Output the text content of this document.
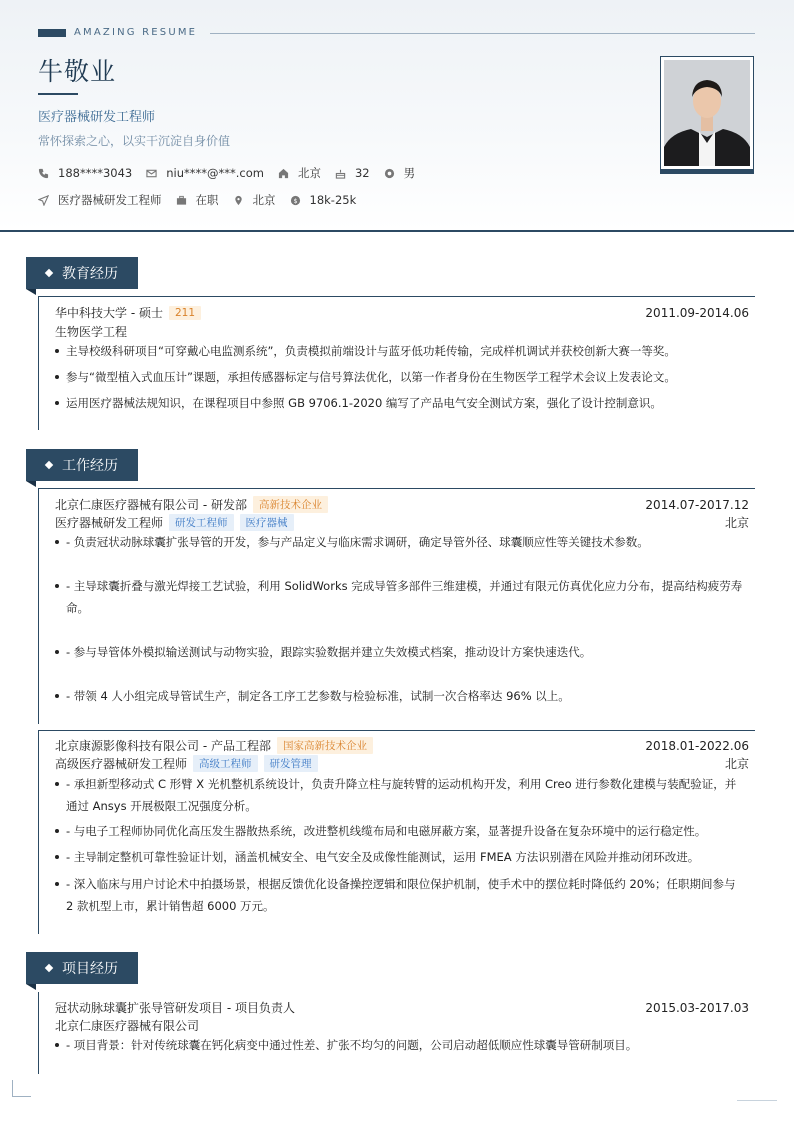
AMAZING RESUME
牛敬业
医疗器械研发工程师
常怀探索之心，以实干沉淀自身价值
188****3043	niu****@***.com	北京	32	男
医疗器械研发工程师	在职	北京 $ 18k-25k
教育经历
华中科技大学 - 硕士	211	2011.09-2014.06
生物医学工程
主导校级科研项目“可穿戴心电监测系统”，负责模拟前端设计与蓝牙低功耗传输，完成样机调试并获校创新大赛一等奖。
参与“微型植入式血压计”课题，承担传感器标定与信号算法优化，以第一作者身份在生物医学工程学术会议上发表论文。
运用医疗器械法规知识，在课程项目中参照 GB 9706.1-2020 编写了产品电气安全测试方案，强化了设计控制意识。
工作经历
北京仁康医疗器械有限公司 - 研发部	高新技术企业	2014.07-2017.12
医疗器械研发工程师	研发工程师	医疗器械	北京
- 负责冠状动脉球囊扩张导管的开发，参与产品定义与临床需求调研，确定导管外径、球囊顺应性等关键技术参数。
- 主导球囊折叠与激光焊接工艺试验，利用 SolidWorks 完成导管多部件三维建模，并通过有限元仿真优化应力分布，提高结构疲劳寿命。
- 参与导管体外模拟输送测试与动物实验，跟踪实验数据并建立失效模式档案，推动设计方案快速迭代。
- 带领 4 人小组完成导管试生产，制定各工序工艺参数与检验标准，试制一次合格率达 96% 以上。
北京康源影像科技有限公司 - 产品工程部	国家高新技术企业	2018.01-2022.06
高级医疗器械研发工程师	高级工程师	研发管理	北京
- 承担新型移动式 C 形臂 X 光机整机系统设计，负责升降立柱与旋转臂的运动机构开发，利用 Creo 进行参数化建模与装配验证，并通过 Ansys 开展极限工况强度分析。
- 与电子工程师协同优化高压发生器散热系统，改进整机线缆布局和电磁屏蔽方案，显著提升设备在复杂环境中的运行稳定性。
- 主导制定整机可靠性验证计划，涵盖机械安全、电气安全及成像性能测试，运用 FMEA 方法识别潜在风险并推动闭环改进。
- 深入临床与用户讨论术中拍摄场景，根据反馈优化设备操控逻辑和限位保护机制，使手术中的摆位耗时降低约 20%；任职期间参与 2 款机型上市，累计销售超 6000 万元。
项目经历
冠状动脉球囊扩张导管研发项目 - 项目负责人	2015.03-2017.03
北京仁康医疗器械有限公司
- 项目背景：针对传统球囊在钙化病变中通过性差、扩张不均匀的问题，公司启动超低顺应性球囊导管研制项目。
